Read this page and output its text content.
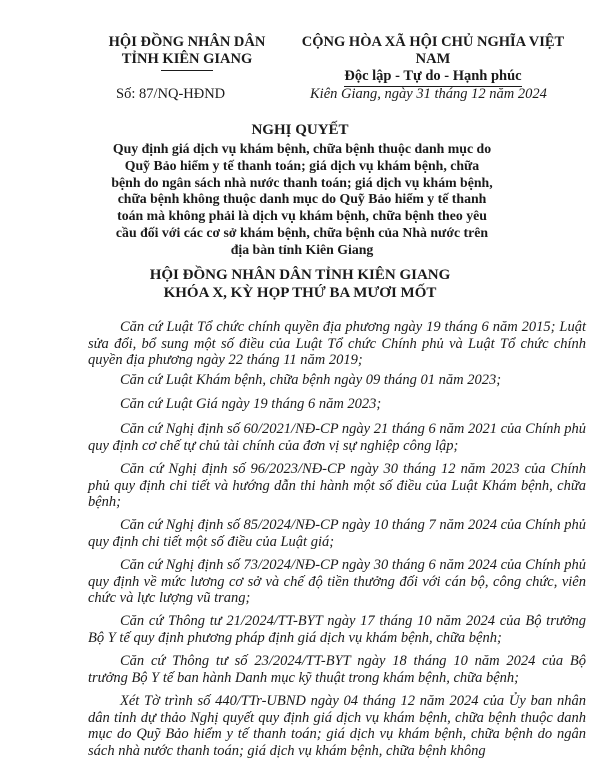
HỘI ĐỒNG NHÂN DÂN
TỈNH KIÊN GIANG
CỘNG HÒA XÃ HỘI CHỦ NGHĨA VIỆT NAM
Độc lập - Tự do - Hạnh phúc
Số: 87/NQ-HĐND	Kiên Giang, ngày 31 tháng 12 năm 2024
NGHỊ QUYẾT
Quy định giá dịch vụ khám bệnh, chữa bệnh thuộc danh mục do Quỹ Bảo hiểm y tế thanh toán; giá dịch vụ khám bệnh, chữa bệnh do ngân sách nhà nước thanh toán; giá dịch vụ khám bệnh, chữa bệnh không thuộc danh mục do Quỹ Bảo hiểm y tế thanh toán mà không phải là dịch vụ khám bệnh, chữa bệnh theo yêu cầu đối với các cơ sở khám bệnh, chữa bệnh của Nhà nước trên địa bàn tỉnh Kiên Giang
HỘI ĐỒNG NHÂN DÂN TỈNH KIÊN GIANG
KHÓA X, KỲ HỌP THỨ BA MƯƠI MỐT
Căn cứ Luật Tổ chức chính quyền địa phương ngày 19 tháng 6 năm 2015; Luật sửa đổi, bổ sung một số điều của Luật Tổ chức Chính phủ và Luật Tổ chức chính quyền địa phương ngày 22 tháng 11 năm 2019;
Căn cứ Luật Khám bệnh, chữa bệnh ngày 09 tháng 01 năm 2023;
Căn cứ Luật Giá ngày 19 tháng 6 năm 2023;
Căn cứ Nghị định số 60/2021/NĐ-CP ngày 21 tháng 6 năm 2021 của Chính phủ quy định cơ chế tự chủ tài chính của đơn vị sự nghiệp công lập;
Căn cứ Nghị định số 96/2023/NĐ-CP ngày 30 tháng 12 năm 2023 của Chính phủ quy định chi tiết và hướng dẫn thi hành một số điều của Luật Khám bệnh, chữa bệnh;
Căn cứ Nghị định số 85/2024/NĐ-CP ngày 10 tháng 7 năm 2024 của Chính phủ quy định chi tiết một số điều của Luật giá;
Căn cứ Nghị định số 73/2024/NĐ-CP ngày 30 tháng 6 năm 2024 của Chính phủ quy định về mức lương cơ sở và chế độ tiền thưởng đối với cán bộ, công chức, viên chức và lực lượng vũ trang;
Căn cứ Thông tư 21/2024/TT-BYT ngày 17 tháng 10 năm 2024 của Bộ trưởng Bộ Y tế quy định phương pháp định giá dịch vụ khám bệnh, chữa bệnh;
Căn cứ Thông tư số 23/2024/TT-BYT ngày 18 tháng 10 năm 2024 của Bộ trưởng Bộ Y tế ban hành Danh mục kỹ thuật trong khám bệnh, chữa bệnh;
Xét Tờ trình số 440/TTr-UBND ngày 04 tháng 12 năm 2024 của Ủy ban nhân dân tỉnh dự thảo Nghị quyết quy định giá dịch vụ khám bệnh, chữa bệnh thuộc danh mục do Quỹ Bảo hiểm y tế thanh toán; giá dịch vụ khám bệnh, chữa bệnh do ngân sách nhà nước thanh toán; giá dịch vụ khám bệnh, chữa bệnh không
